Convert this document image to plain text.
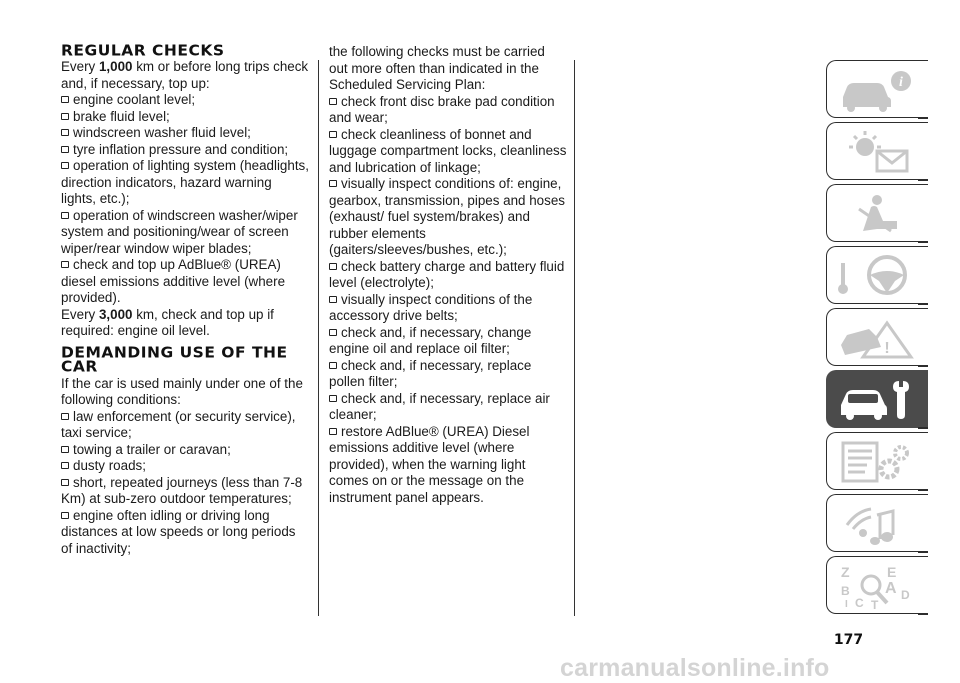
REGULAR CHECKS

Every 1,000 km or before long trips check and, if necessary, top up:

engine coolant level;

brake fluid level;

windscreen washer fluid level;

tyre inflation pressure and condition;

operation of lighting system (headlights, direction indicators, hazard warning lights, etc.);

operation of windscreen washer/wiper system and positioning/wear of screen wiper/rear window wiper blades;

check and top up AdBlue® (UREA) diesel emissions additive level (where provided).

Every 3,000 km, check and top up if required: engine oil level.

DEMANDING USE OF THE CAR

If the car is used mainly under one of the following conditions:

law enforcement (or security service), taxi service;

towing a trailer or caravan;

dusty roads;

short, repeated journeys (less than 7-8 Km) at sub-zero outdoor temperatures;

engine often idling or driving long distances at low speeds or long periods of inactivity;

the following checks must be carried out more often than indicated in the Scheduled Servicing Plan:

check front disc brake pad condition and wear;

check cleanliness of bonnet and luggage compartment locks, cleanliness and lubrication of linkage;

visually inspect conditions of: engine, gearbox, transmission, pipes and hoses (exhaust/ fuel system/brakes) and rubber elements (gaiters/sleeves/bushes, etc.);

check battery charge and battery fluid level (electrolyte);

visually inspect conditions of the accessory drive belts;

check and, if necessary, change engine oil and replace oil filter;

check and, if necessary, replace pollen filter;

check and, if necessary, replace air cleaner;

restore AdBlue® (UREA) Diesel emissions additive level (where provided), when the warning light comes on or the message on the instrument panel appears.

i
!
Z	E
A
B	D
C T
I
177
carmanualsonline.info
